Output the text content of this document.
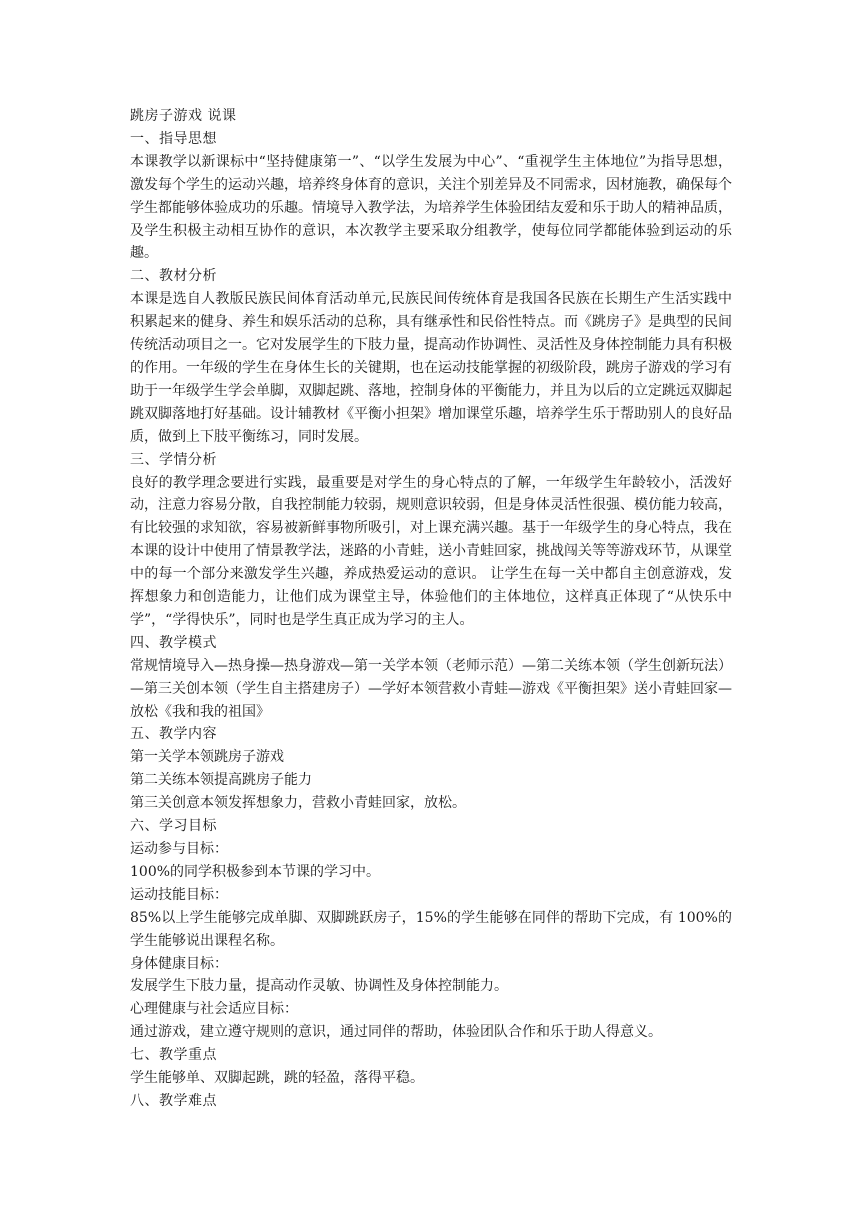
跳房子游戏 说课
一、指导思想
本课教学以新课标中“坚持健康第一”、“以学生发展为中心”、“重视学生主体地位”为指导思想，激发每个学生的运动兴趣，培养终身体育的意识，关注个别差异及不同需求，因材施教，确保每个学生都能够体验成功的乐趣。情境导入教学法，为培养学生体验团结友爱和乐于助人的精神品质，及学生积极主动相互协作的意识，本次教学主要采取分组教学，使每位同学都能体验到运动的乐趣。
二、教材分析
本课是选自人教版民族民间体育活动单元,民族民间传统体育是我国各民族在长期生产生活实践中积累起来的健身、养生和娱乐活动的总称，具有继承性和民俗性特点。而《跳房子》是典型的民间传统活动项目之一。它对发展学生的下肢力量，提高动作协调性、灵活性及身体控制能力具有积极的作用。一年级的学生在身体生长的关键期，也在运动技能掌握的初级阶段，跳房子游戏的学习有助于一年级学生学会单脚，双脚起跳、落地，控制身体的平衡能力，并且为以后的立定跳远双脚起跳双脚落地打好基础。设计辅教材《平衡小担架》增加课堂乐趣，培养学生乐于帮助别人的良好品质，做到上下肢平衡练习，同时发展。
三、学情分析
良好的教学理念要进行实践，最重要是对学生的身心特点的了解，一年级学生年龄较小，活泼好动，注意力容易分散，自我控制能力较弱，规则意识较弱，但是身体灵活性很强、模仿能力较高，有比较强的求知欲，容易被新鲜事物所吸引，对上课充满兴趣。基于一年级学生的身心特点，我在本课的设计中使用了情景教学法，迷路的小青蛙，送小青蛙回家，挑战闯关等等游戏环节，从课堂中的每一个部分来激发学生兴趣，养成热爱运动的意识。 让学生在每一关中都自主创意游戏，发挥想象力和创造能力，让他们成为课堂主导，体验他们的主体地位，这样真正体现了“从快乐中学”，“学得快乐”，同时也是学生真正成为学习的主人。
四、教学模式
常规情境导入—热身操—热身游戏—第一关学本领（老师示范）—第二关练本领（学生创新玩法）—第三关创本领（学生自主搭建房子）—学好本领营救小青蛙—游戏《平衡担架》送小青蛙回家—放松《我和我的祖国》
五、教学内容
第一关学本领跳房子游戏
第二关练本领提高跳房子能力
第三关创意本领发挥想象力，营救小青蛙回家，放松。
六、学习目标
运动参与目标：
100%的同学积极参到本节课的学习中。
运动技能目标：
85%以上学生能够完成单脚、双脚跳跃房子，15%的学生能够在同伴的帮助下完成，有 100%的学生能够说出课程名称。
身体健康目标：
发展学生下肢力量，提高动作灵敏、协调性及身体控制能力。
心理健康与社会适应目标：
通过游戏，建立遵守规则的意识，通过同伴的帮助，体验团队合作和乐于助人得意义。
七、教学重点
学生能够单、双脚起跳，跳的轻盈，落得平稳。
八、教学难点
